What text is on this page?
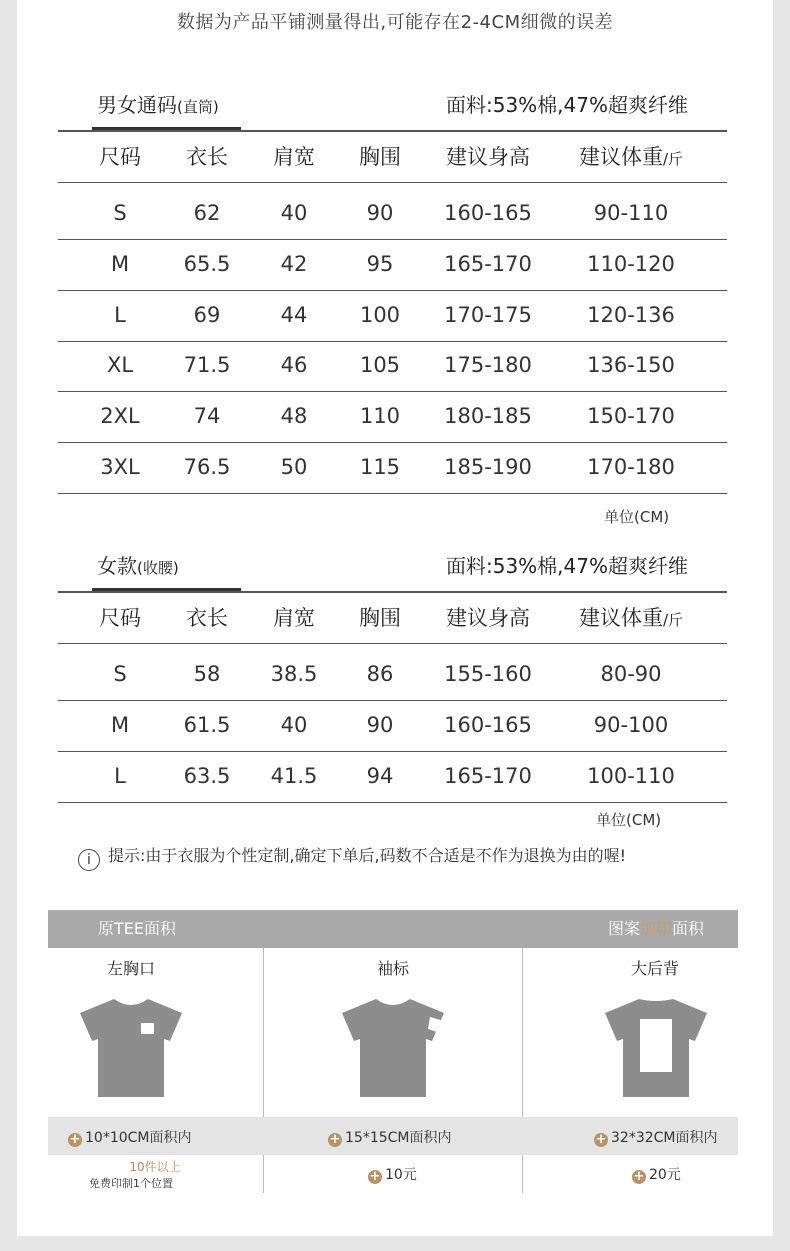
数据为产品平铺测量得出,可能存在2-4CM细微的误差
男女通码(直筒)	面料:53%棉,47%超爽纤维
尺码 衣长 肩宽 胸围 建议身高 建议体重/斤
S	62	40	90 160-165	90-110
M	65.5 42	95 165-170	110-120
L	69	44	100 170-175	120-136
XL 71.5 46	105 175-180	136-150
2XL	74	48	110 180-185	150-170
3XL 76.5 50	115 185-190	170-180
单位(CM)
女款(收腰)	面料:53%棉,47%超爽纤维
尺码 衣长 肩宽 胸围 建议身高 建议体重/斤
S	58 38.5 86 155-160	80-90
M	61.5 40	90 160-165	90-100
L	63.5 41.5 94 165-170	100-110
单位(CM)
i 提示:由于衣服为个性定制,确定下单后,码数不合适是不作为退换为由的喔!
原TEE面积	图案加印面积
左胸口	袖标	大后背
+ 10*10CM面积内	+ 15*15CM面积内	+ 32*32CM面积内
10件以上
免费印制1个位置	+ 10元	+ 20元
